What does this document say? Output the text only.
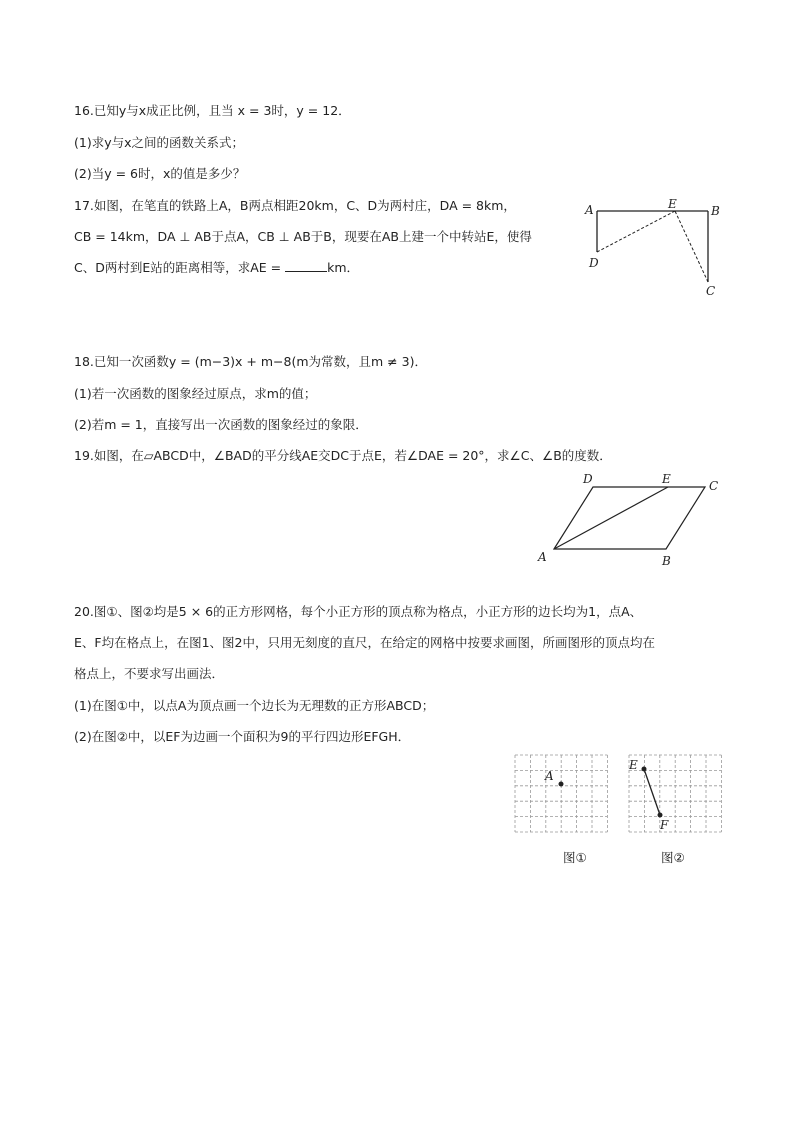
16.已知y与x成正比例，且当 x = 3时，y = 12．
(1)求y与x之间的函数关系式；
(2)当y = 6时，x的值是多少？
17.如图，在笔直的铁路上A，B两点相距20km，C、D为两村庄，DA = 8km，
CB = 14km，DA ⊥ AB于点A，CB ⊥ AB于B，现要在AB上建一个中转站E，使得
C、D两村到E站的距离相等，求AE =	km．
A	E	B
D
C
18.已知一次函数y = (m−3)x + m−8(m为常数，且m ≠ 3)．
(1)若一次函数的图象经过原点，求m的值；
(2)若m = 1，直接写出一次函数的图象经过的象限．
19.如图，在▱ABCD中，∠BAD的平分线AE交DC于点E，若∠DAE = 20°，求∠C、∠B的度数．
D	E	C
A	B
20.图①、图②均是5 × 6的正方形网格，每个小正方形的顶点称为格点，小正方形的边长均为1，点A、
E、F均在格点上，在图1、图2中，只用无刻度的直尺，在给定的网格中按要求画图，所画图形的顶点均在
格点上，不要求写出画法．
(1)在图①中，以点A为顶点画一个边长为无理数的正方形ABCD；
(2)在图②中，以EF为边画一个面积为9的平行四边形EFGH．
A
E
F
图①	图②
